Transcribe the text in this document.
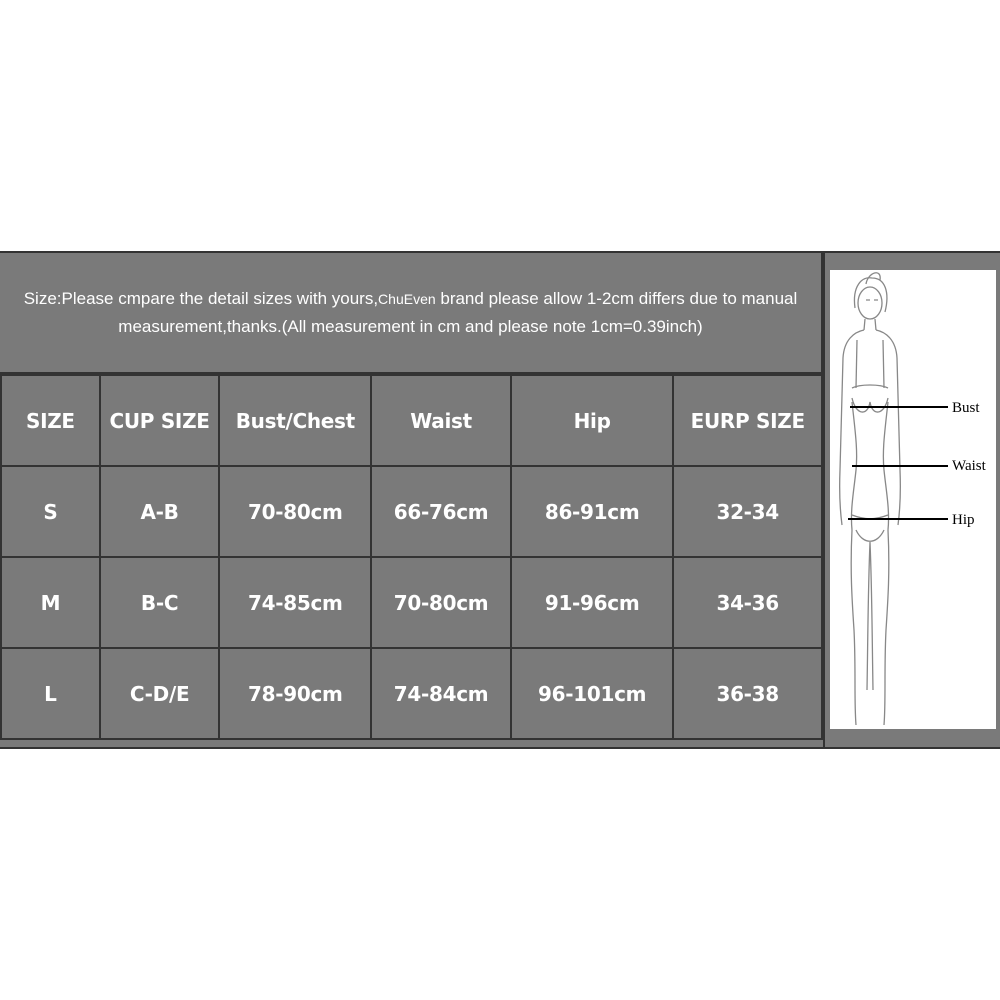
Size:Please cmpare the detail sizes with yours,ChuEven brand please allow 1-2cm differs due to manual measurement,thanks.(All measurement in cm and please note 1cm=0.39inch)
SIZE	CUP SIZE	Bust/Chest	Waist	Hip	EURP SIZE
S	A-B	70-80cm	66-76cm	86-91cm	32-34
M	B-C	74-85cm	70-80cm	91-96cm	34-36
L	C-D/E	78-90cm	74-84cm	96-101cm	36-38
Bust
Waist
Hip
